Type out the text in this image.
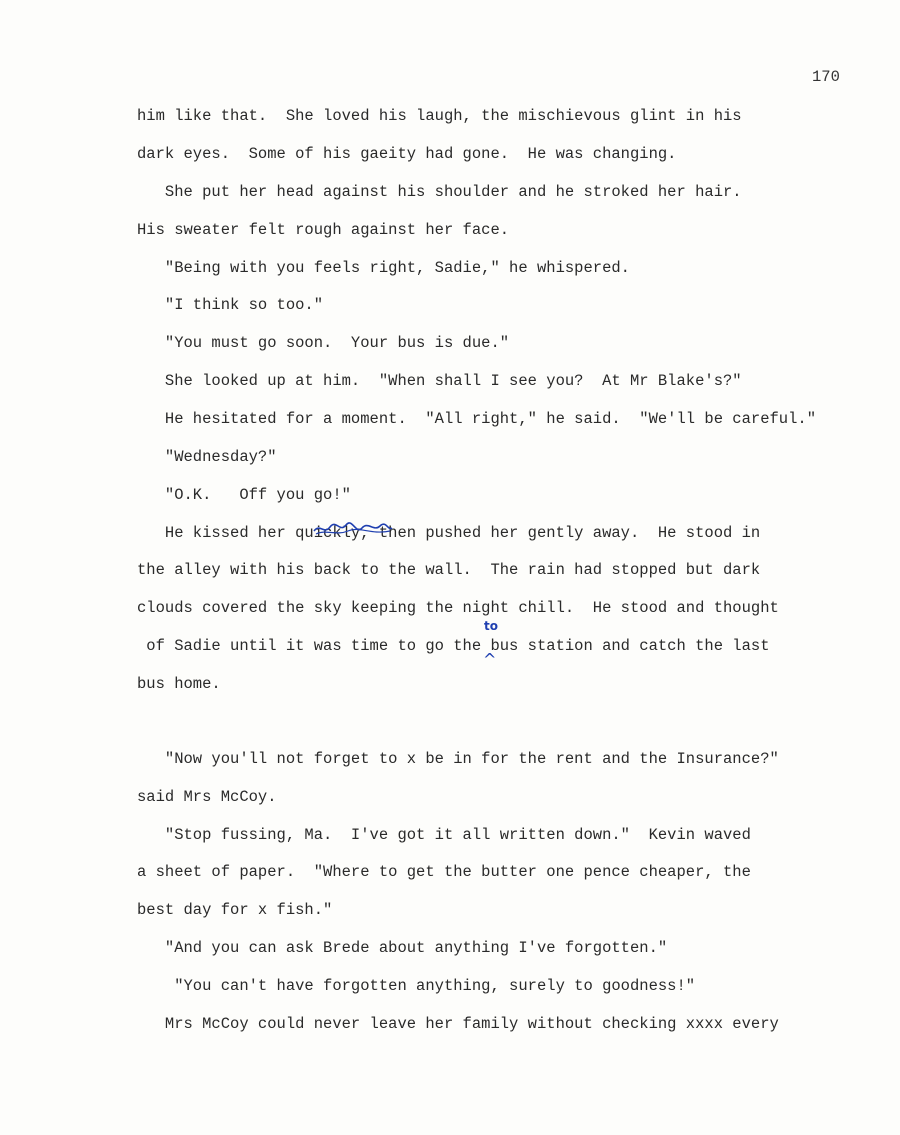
170
him like that.  She loved his laugh, the mischievous glint in his
dark eyes.  Some of his gaeity had gone.  He was changing.
She put her head against his shoulder and he stroked her hair.
His sweater felt rough against her face.
"Being with you feels right, Sadie," he whispered.
"I think so too."
"You must go soon.  Your bus is due."
She looked up at him.  "When shall I see you?  At Mr Blake's?"
He hesitated for a moment.  "All right," he said.  "We'll be careful."
"Wednesday?"
"O.K.   Off you go!"
He kissed her quickly, then pushed her gently away.  He stood in
the alley with his back to the wall.  The rain had stopped but dark
clouds covered the sky keeping the night chill.  He stood and thought
of Sadie until it was time to go the bus station and catch the last
bus home.
"Now you'll not forget to x be in for the rent and the Insurance?"
said Mrs McCoy.
"Stop fussing, Ma.  I've got it all written down."  Kevin waved
a sheet of paper.  "Where to get the butter one pence cheaper, the
best day for x fish."
"And you can ask Brede about anything I've forgotten."
"You can't have forgotten anything, surely to goodness!"
Mrs McCoy could never leave her family without checking xxxx every
to
^
